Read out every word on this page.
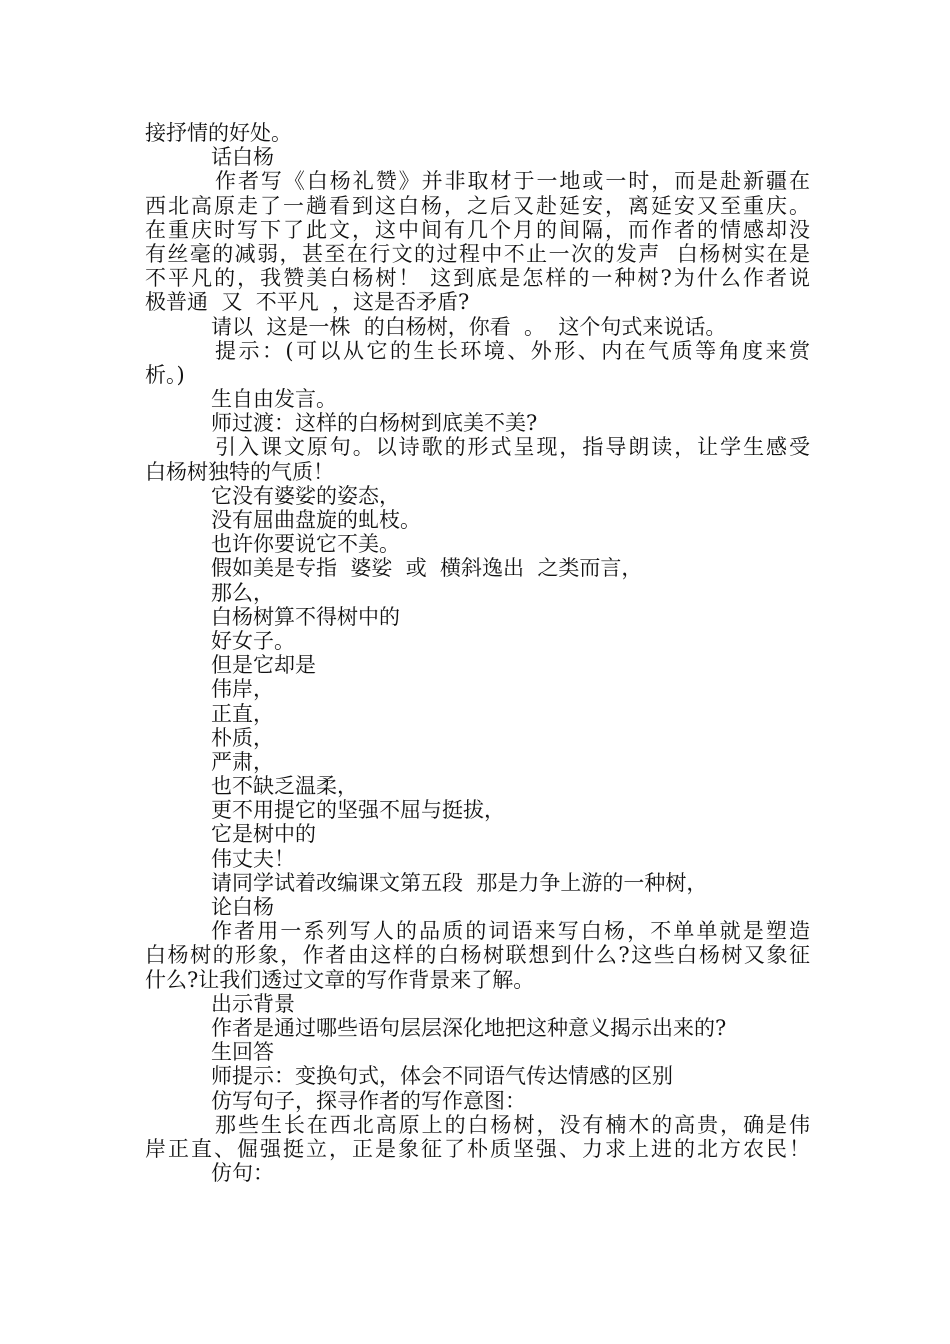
接抒情的好处。
话白杨
作者写《白杨礼赞》并非取材于一地或一时，而是赴新疆在
西北高原走了一趟看到这白杨，之后又赴延安，离延安又至重庆。
在重庆时写下了此文，这中间有几个月的间隔，而作者的情感却没
有丝毫的减弱，甚至在行文的过程中不止一次的发声  白杨树实在是
不平凡的，我赞美白杨树！ 这到底是怎样的一种树?为什么作者说
极普通  又  不平凡  ，这是否矛盾?
请以  这是一株  的白杨树，你看  。  这个句式来说话。
提示：(可以从它的生长环境、外形、内在气质等角度来赏
析。)
生自由发言。
师过渡：这样的白杨树到底美不美?
引入课文原句。以诗歌的形式呈现，指导朗读，让学生感受
白杨树独特的气质！
它没有婆娑的姿态，
没有屈曲盘旋的虬枝。
也许你要说它不美。
假如美是专指  婆娑  或  横斜逸出  之类而言，
那么，
白杨树算不得树中的
好女子。
但是它却是
伟岸，
正直，
朴质，
严肃，
也不缺乏温柔，
更不用提它的坚强不屈与挺拔，
它是树中的
伟丈夫！
请同学试着改编课文第五段  那是力争上游的一种树，
论白杨
作者用一系列写人的品质的词语来写白杨，不单单就是塑造
白杨树的形象，作者由这样的白杨树联想到什么?这些白杨树又象征
什么?让我们透过文章的写作背景来了解。
出示背景
作者是通过哪些语句层层深化地把这种意义揭示出来的?
生回答
师提示：变换句式，体会不同语气传达情感的区别
仿写句子，探寻作者的写作意图：
那些生长在西北高原上的白杨树，没有楠木的高贵，确是伟
岸正直、倔强挺立，正是象征了朴质坚强、力求上进的北方农民！
仿句：
